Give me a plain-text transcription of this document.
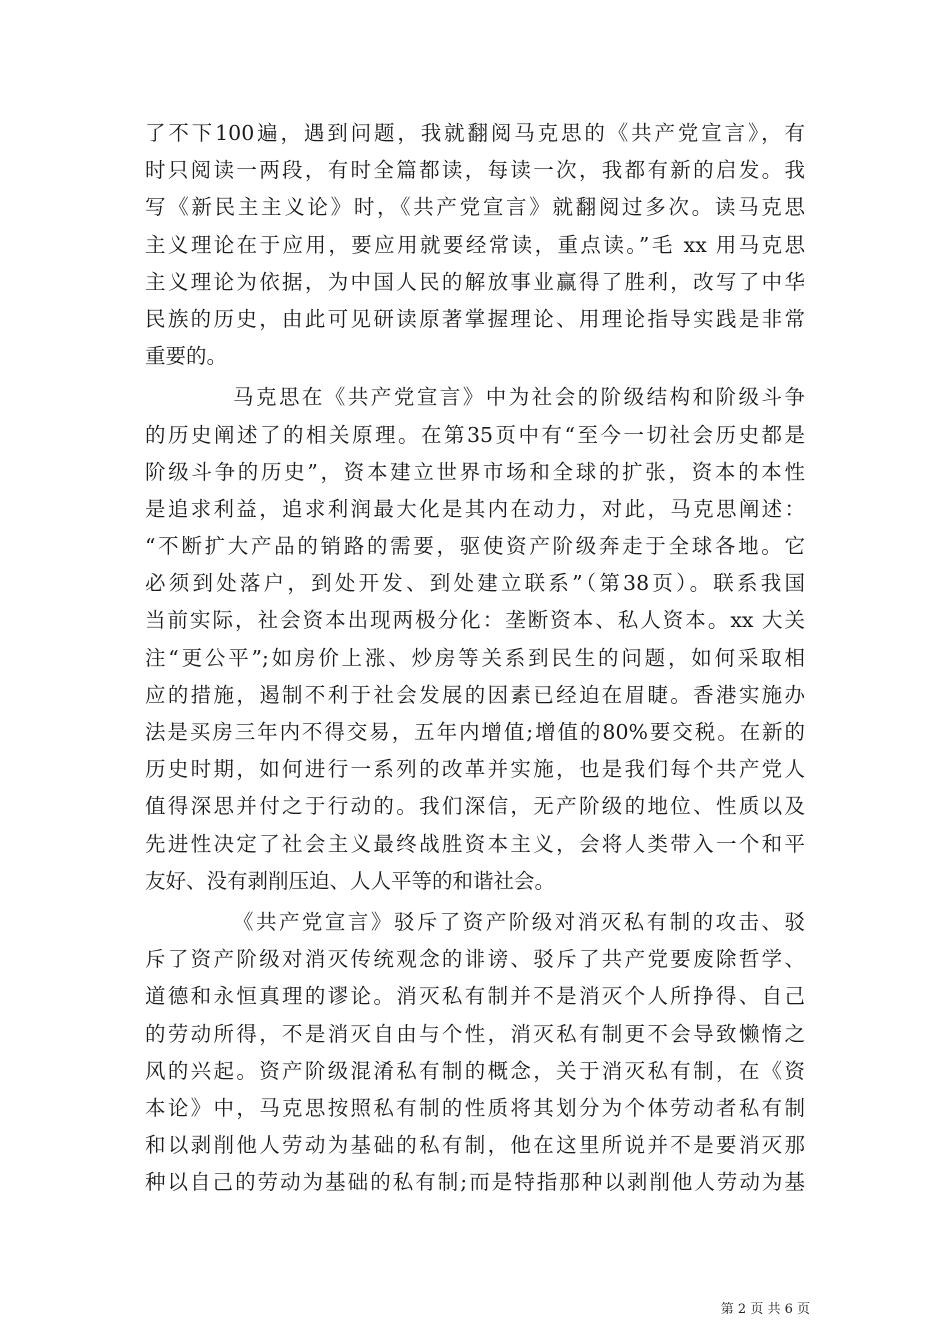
了不下100遍，遇到问题，我就翻阅马克思的《共产党宣言》，有
时只阅读一两段，有时全篇都读，每读一次，我都有新的启发。我
写《新民主主义论》时，《共产党宣言》就翻阅过多次。读马克思
主义理论在于应用，要应用就要经常读，重点读。”毛 xx 用马克思
主义理论为依据，为中国人民的解放事业赢得了胜利，改写了中华
民族的历史，由此可见研读原著掌握理论、用理论指导实践是非常
重要的。
马克思在《共产党宣言》中为社会的阶级结构和阶级斗争
的历史阐述了的相关原理。在第35页中有“至今一切社会历史都是
阶级斗争的历史”，资本建立世界市场和全球的扩张，资本的本性
是追求利益，追求利润最大化是其内在动力，对此，马克思阐述：
“不断扩大产品的销路的需要，驱使资产阶级奔走于全球各地。它
必须到处落户，到处开发、到处建立联系”（第38页）。联系我国
当前实际，社会资本出现两极分化：垄断资本、私人资本。xx 大关
注“更公平”;如房价上涨、炒房等关系到民生的问题，如何采取相
应的措施，遏制不利于社会发展的因素已经迫在眉睫。香港实施办
法是买房三年内不得交易，五年内增值;增值的80%要交税。在新的
历史时期，如何进行一系列的改革并实施，也是我们每个共产党人
值得深思并付之于行动的。我们深信，无产阶级的地位、性质以及
先进性决定了社会主义最终战胜资本主义，会将人类带入一个和平
友好、没有剥削压迫、人人平等的和谐社会。
《共产党宣言》驳斥了资产阶级对消灭私有制的攻击、驳
斥了资产阶级对消灭传统观念的诽谤、驳斥了共产党要废除哲学、
道德和永恒真理的谬论。消灭私有制并不是消灭个人所挣得、自己
的劳动所得，不是消灭自由与个性，消灭私有制更不会导致懒惰之
风的兴起。资产阶级混淆私有制的概念，关于消灭私有制，在《资
本论》中，马克思按照私有制的性质将其划分为个体劳动者私有制
和以剥削他人劳动为基础的私有制，他在这里所说并不是要消灭那
种以自己的劳动为基础的私有制;而是特指那种以剥削他人劳动为基
第 2 页 共 6 页
